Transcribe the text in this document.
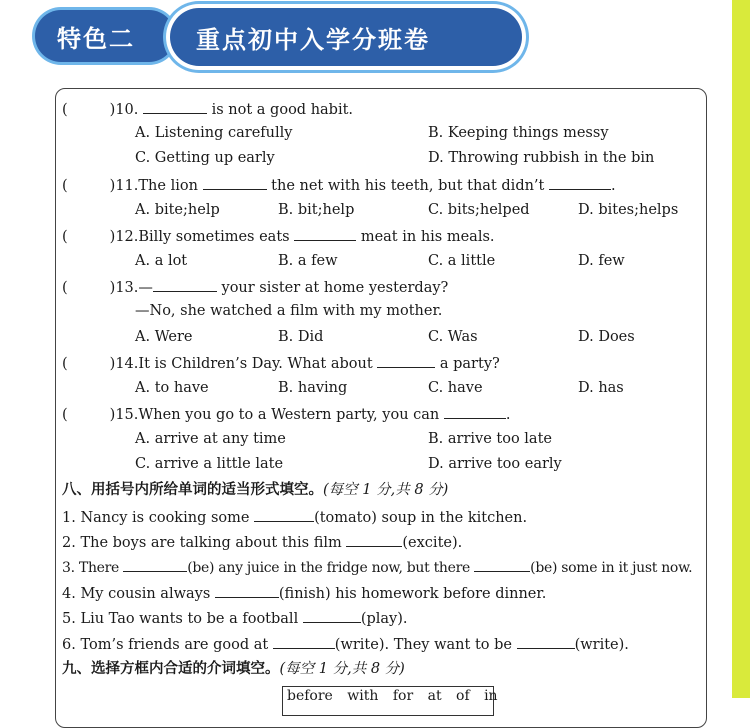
特色二	重点初中入学分班卷
(	)10.	is not a good habit.
A. Listening carefully	B. Keeping things messy
C. Getting up early	D. Throwing rubbish in the bin
(	)11.The lion	the net with his teeth, but that didn’t	.
A. bite;help	B. bit;help	C. bits;helped	D. bites;helps
(	)12.Billy sometimes eats	meat in his meals.
A. a lot	B. a few	C. a little	D. few
(	)13.—	your sister at home yesterday?
—No, she watched a film with my mother.
A. Were	B. Did	C. Was	D. Does
(	)14.It is Children’s Day. What about	a party?
A. to have	B. having	C. have	D. has
(	)15.When you go to a Western party, you can	.
A. arrive at any time	B. arrive too late
C. arrive a little late	D. arrive too early
八、用括号内所给单词的适当形式填空。(每空 1 分,共 8 分)
1. Nancy is cooking some	(tomato) soup in the kitchen.
2. The boys are talking about this film	(excite).
3. There	(be) any juice in the fridge now, but there	(be) some in it just now.
4. My cousin always	(finish) his homework before dinner.
5. Liu Tao wants to be a football	(play).
6. Tom’s friends are good at	(write). They want to be	(write).
九、选择方框内合适的介词填空。(每空 1 分,共 8 分)
before with for at of in
